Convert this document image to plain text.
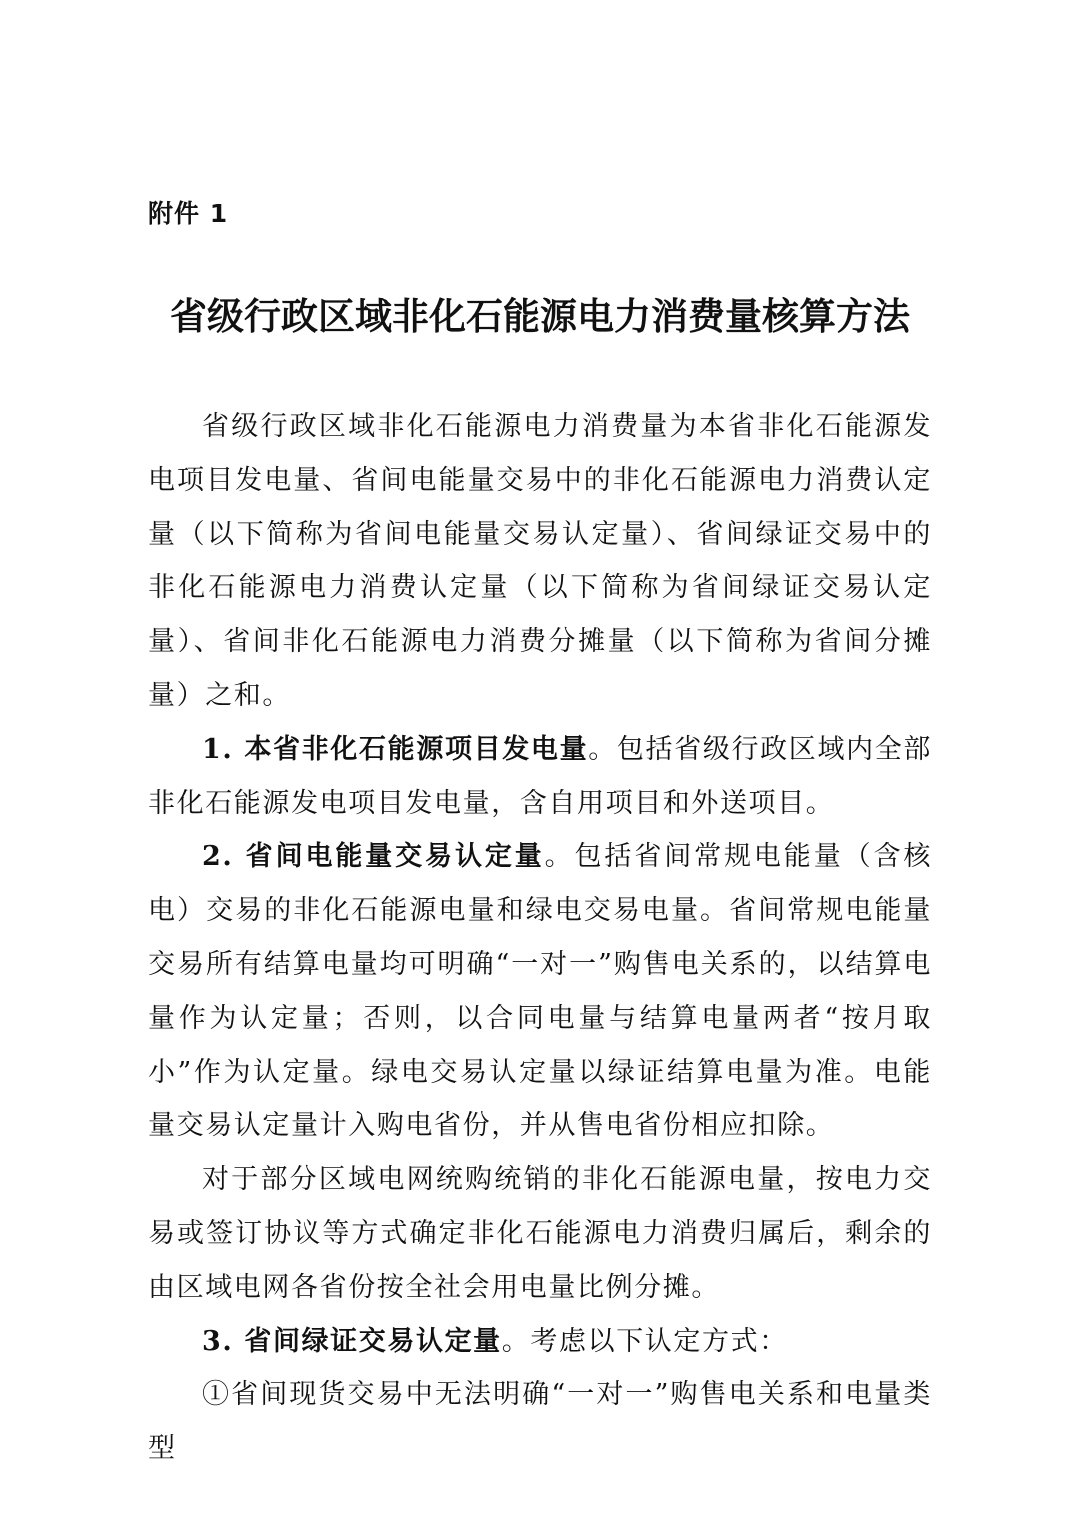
附件 1
省级行政区域非化石能源电力消费量核算方法

省级行政区域非化石能源电力消费量为本省非化石能源发电项目发电量、省间电能量交易中的非化石能源电力消费认定量（以下简称为省间电能量交易认定量）、省间绿证交易中的非化石能源电力消费认定量（以下简称为省间绿证交易认定量）、省间非化石能源电力消费分摊量（以下简称为省间分摊量）之和。

1. 本省非化石能源项目发电量。包括省级行政区域内全部非化石能源发电项目发电量，含自用项目和外送项目。

2. 省间电能量交易认定量。包括省间常规电能量（含核电）交易的非化石能源电量和绿电交易电量。省间常规电能量交易所有结算电量均可明确“一对一”购售电关系的，以结算电量作为认定量；否则，以合同电量与结算电量两者“按月取小”作为认定量。绿电交易认定量以绿证结算电量为准。电能量交易认定量计入购电省份，并从售电省份相应扣除。

对于部分区域电网统购统销的非化石能源电量，按电力交易或签订协议等方式确定非化石能源电力消费归属后，剩余的由区域电网各省份按全社会用电量比例分摊。

3. 省间绿证交易认定量。考虑以下认定方式：

①省间现货交易中无法明确“一对一”购售电关系和电量类型
